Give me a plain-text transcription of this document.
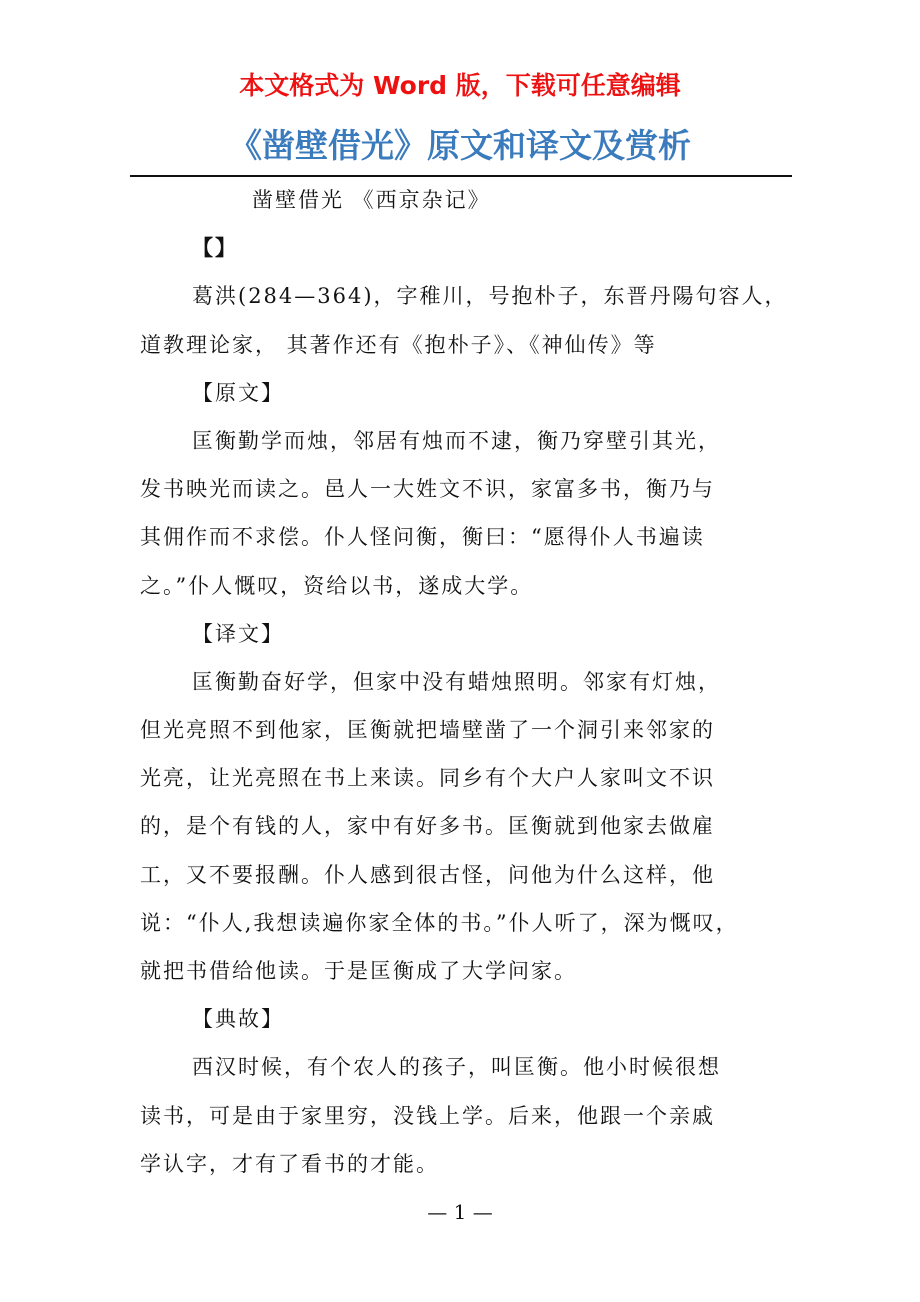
本文格式为 Word 版，下载可任意编辑
《凿壁借光》原文和译文及赏析
凿壁借光 《西京杂记》
【】
葛洪(284—364)，字稚川，号抱朴子，东晋丹陽句容人，
道教理论家， 其著作还有《抱朴子》、《神仙传》等
【原文】
匡衡勤学而烛，邻居有烛而不逮，衡乃穿壁引其光，
发书映光而读之。邑人一大姓文不识，家富多书，衡乃与
其佣作而不求偿。仆人怪问衡，衡曰：“愿得仆人书遍读
之。”仆人慨叹，资给以书，遂成大学。
【译文】
匡衡勤奋好学，但家中没有蜡烛照明。邻家有灯烛，
但光亮照不到他家，匡衡就把墙壁凿了一个洞引来邻家的
光亮，让光亮照在书上来读。同乡有个大户人家叫文不识
的，是个有钱的人，家中有好多书。匡衡就到他家去做雇
工，又不要报酬。仆人感到很古怪，问他为什么这样，他
说：“仆人,我想读遍你家全体的书。”仆人听了，深为慨叹，
就把书借给他读。于是匡衡成了大学问家。
【典故】
西汉时候，有个农人的孩子，叫匡衡。他小时候很想
读书，可是由于家里穷，没钱上学。后来，他跟一个亲戚
学认字，才有了看书的才能。
— 1 —
